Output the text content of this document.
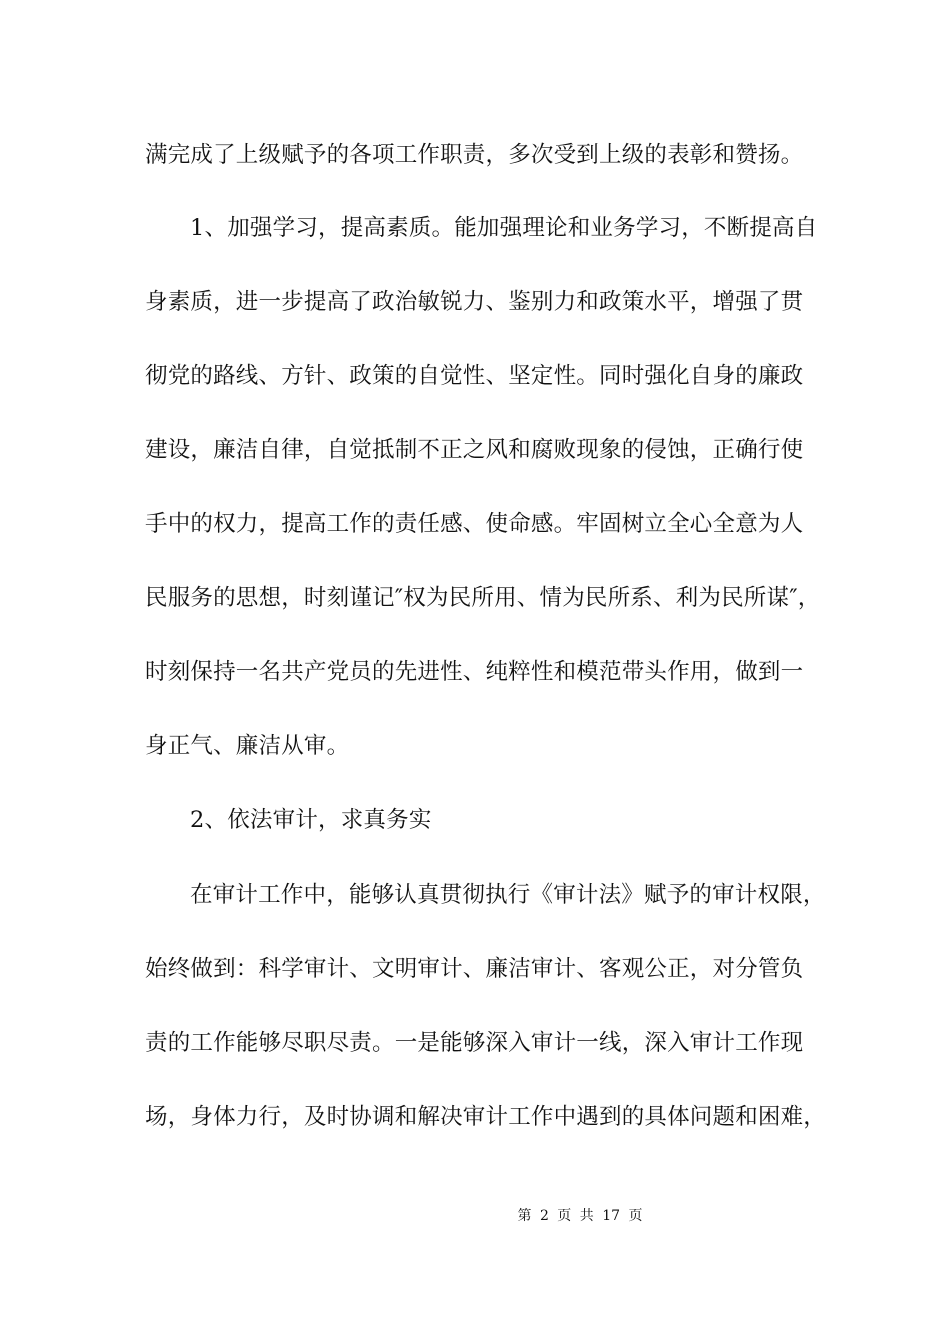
满完成了上级赋予的各项工作职责，多次受到上级的表彰和赞扬。
1、加强学习，提高素质。能加强理论和业务学习，不断提高自
身素质，进一步提高了政治敏锐力、鉴别力和政策水平，增强了贯
彻党的路线、方针、政策的自觉性、坚定性。同时强化自身的廉政
建设，廉洁自律，自觉抵制不正之风和腐败现象的侵蚀，正确行使
手中的权力，提高工作的责任感、使命感。牢固树立全心全意为人
民服务的思想，时刻谨记″权为民所用、情为民所系、利为民所谋″，
时刻保持一名共产党员的先进性、纯粹性和模范带头作用，做到一
身正气、廉洁从审。
2、依法审计，求真务实
在审计工作中，能够认真贯彻执行《审计法》赋予的审计权限，
始终做到：科学审计、文明审计、廉洁审计、客观公正，对分管负
责的工作能够尽职尽责。一是能够深入审计一线，深入审计工作现
场，身体力行，及时协调和解决审计工作中遇到的具体问题和困难，
第 2 页 共 17 页
